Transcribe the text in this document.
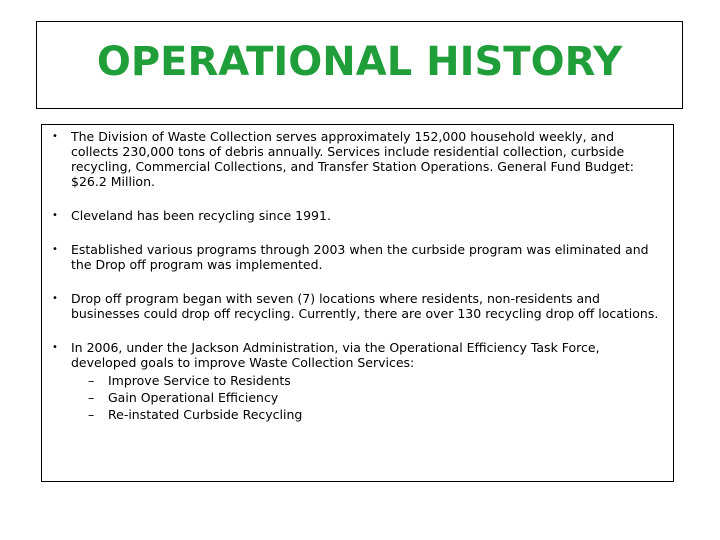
OPERATIONAL HISTORY
• The Division of Waste Collection serves approximately 152,000 household weekly, and collects 230,000 tons of debris annually. Services include residential collection, curbside recycling, Commercial Collections, and Transfer Station Operations. General Fund Budget: $26.2 Million.
• Cleveland has been recycling since 1991.
• Established various programs through 2003 when the curbside program was eliminated and the Drop off program was implemented.
• Drop off program began with seven (7) locations where residents, non-residents and businesses could drop off recycling. Currently, there are over 130 recycling drop off locations.
• In 2006, under the Jackson Administration, via the Operational Efficiency Task Force, developed goals to improve Waste Collection Services:
– Improve Service to Residents
– Gain Operational Efficiency
– Re-instated Curbside Recycling
